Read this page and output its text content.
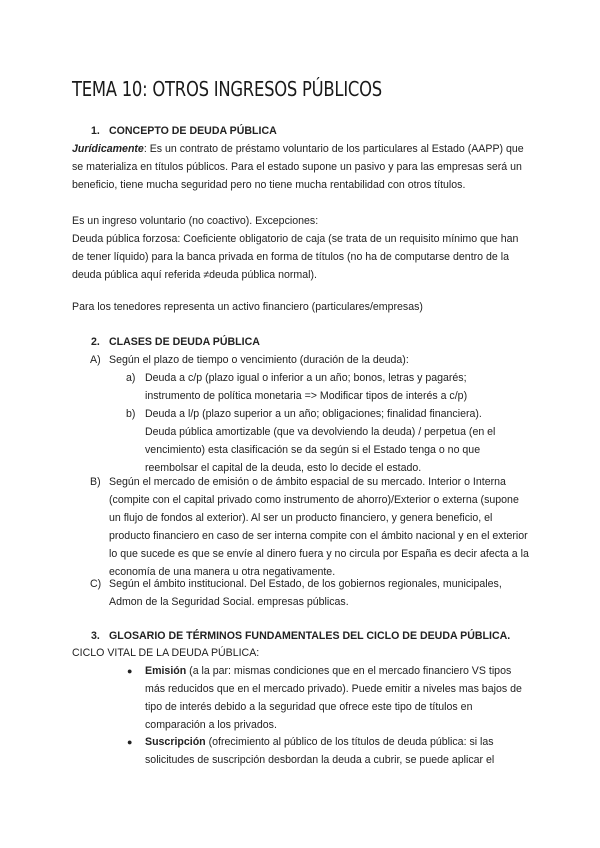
TEMA 10: OTROS INGRESOS PÚBLICOS
1. CONCEPTO DE DEUDA PÚBLICA

Jurídicamente: Es un contrato de préstamo voluntario de los particulares al Estado (AAPP) que se materializa en títulos públicos. Para el estado supone un pasivo y para las empresas será un beneficio, tiene mucha seguridad pero no tiene mucha rentabilidad con otros títulos.

Es un ingreso voluntario (no coactivo). Excepciones:

Deuda pública forzosa: Coeficiente obligatorio de caja (se trata de un requisito mínimo que han de tener líquido) para la banca privada en forma de títulos (no ha de computarse dentro de la deuda pública aquí referida ≠deuda pública normal).

Para los tenedores representa un activo financiero (particulares/empresas)

2. CLASES DE DEUDA PÚBLICA
A) Según el plazo de tiempo o vencimiento (duración de la deuda):
a) Deuda a c/p (plazo igual o inferior a un año; bonos, letras y pagarés; instrumento de política monetaria => Modificar tipos de interés a c/p)
b) Deuda a l/p (plazo superior a un año; obligaciones; finalidad financiera). Deuda pública amortizable (que va devolviendo la deuda) / perpetua (en el vencimiento) esta clasificación se da según si el Estado tenga o no que reembolsar el capital de la deuda, esto lo decide el estado.
B) Según el mercado de emisión o de ámbito espacial de su mercado. Interior o Interna (compite con el capital privado como instrumento de ahorro)/Exterior o externa (supone un flujo de fondos al exterior). Al ser un producto financiero, y genera beneficio, el producto financiero en caso de ser interna compite con el ámbito nacional y en el exterior lo que sucede es que se envíe al dinero fuera y no circula por España es decir afecta a la economía de una manera u otra negativamente.
C) Según el ámbito institucional. Del Estado, de los gobiernos regionales, municipales, Admon de la Seguridad Social. empresas públicas.
3. GLOSARIO DE TÉRMINOS FUNDAMENTALES DEL CICLO DE DEUDA PÚBLICA.

CICLO VITAL DE LA DEUDA PÚBLICA:

● Emisión (a la par: mismas condiciones que en el mercado financiero VS tipos más reducidos que en el mercado privado). Puede emitir a niveles mas bajos de tipo de interés debido a la seguridad que ofrece este tipo de títulos en comparación a los privados.
● Suscripción (ofrecimiento al público de los títulos de deuda pública: si las solicitudes de suscripción desbordan la deuda a cubrir, se puede aplicar el
